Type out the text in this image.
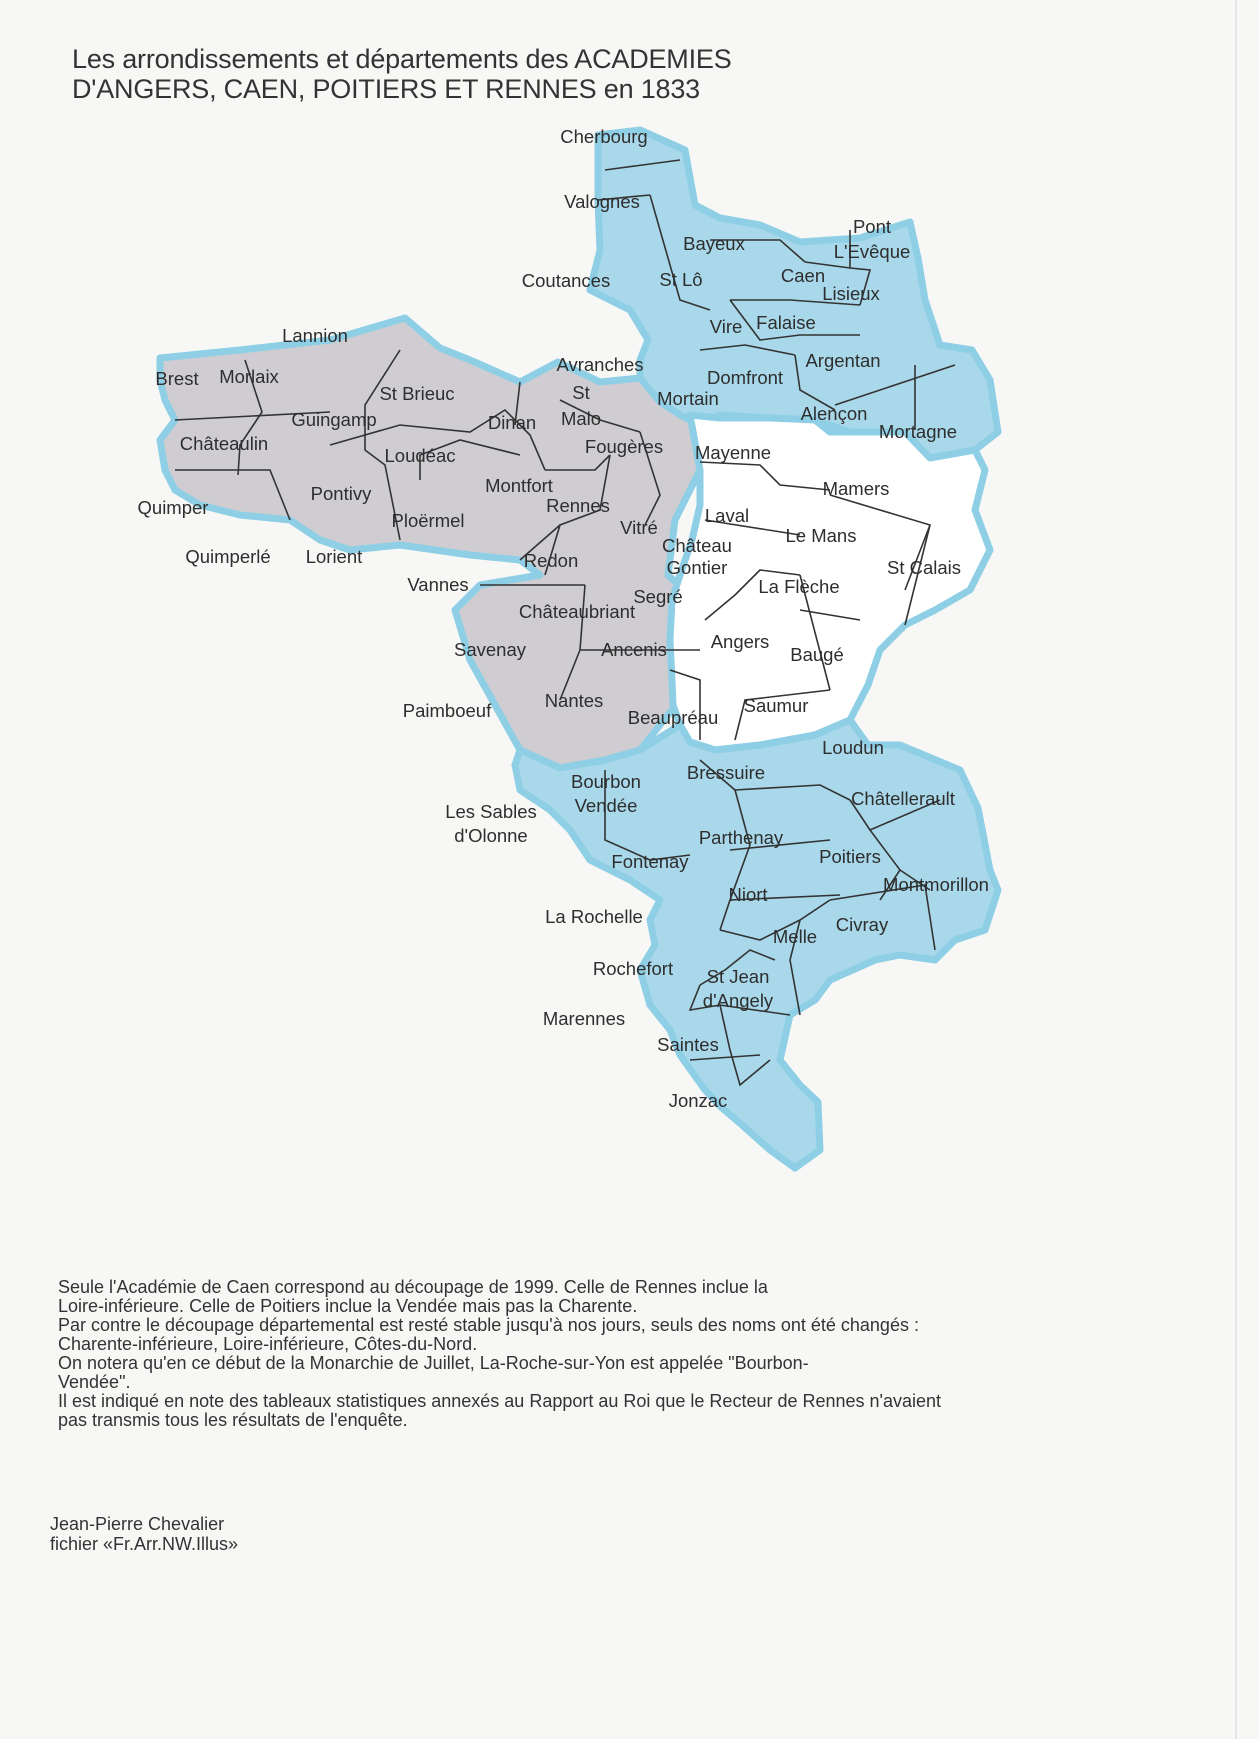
Les arrondissements et départements des ACADEMIES
D'ANGERS, CAEN, POITIERS ET RENNES en 1833
Cherbourg
Valognes
Bayeux
Pont
L'Evêque
Coutances	St Lô	Caen
Lisieux
Vire Falaise
Argentan
Avranches
Domfront
Mortain
Alençon
Mortagne
Lannion
Brest Morlaix
St Brieuc	St
Malo
Guingamp	Dinan
Châteaulin
Loudéac	Fougères Mayenne
Mamers
Montfort
Quimper
Pontivy
Rennes	Laval
Ploërmel	Vitré	Le Mans
Château
Gontier
Quimperlé Lorient	Redon	St Calais
Vannes	La Flèche
Segré
Châteaubriant
Angers
Savenay	Ancenis	Baugé
Paimboeuf	Nantes	Saumur
Beaupréau
Loudun
Bressuire
Bourbon
Vendée	Châtellerault
Les Sables
d'Olonne	Parthenay
Poitiers
Fontenay
Montmorillon
Niort
La Rochelle
Melle
Civray
Rochefort St Jean
d'Angely
Marennes
Saintes
Jonzac

Seule l'Académie de Caen correspond au découpage de 1999. Celle de Rennes inclue la

Loire-inférieure. Celle de Poitiers inclue la Vendée mais pas la Charente.

Par contre le découpage départemental est resté stable jusqu'à nos jours, seuls des noms ont été changés :

Charente-inférieure, Loire-inférieure, Côtes-du-Nord.

On notera qu'en ce début de la Monarchie de Juillet, La-Roche-sur-Yon est appelée "Bourbon-

Vendée".

Il est indiqué en note des tableaux statistiques annexés au Rapport au Roi que le Recteur de Rennes n'avaient

pas transmis tous les résultats de l'enquête.

Jean-Pierre Chevalier
fichier «Fr.Arr.NW.Illus»
